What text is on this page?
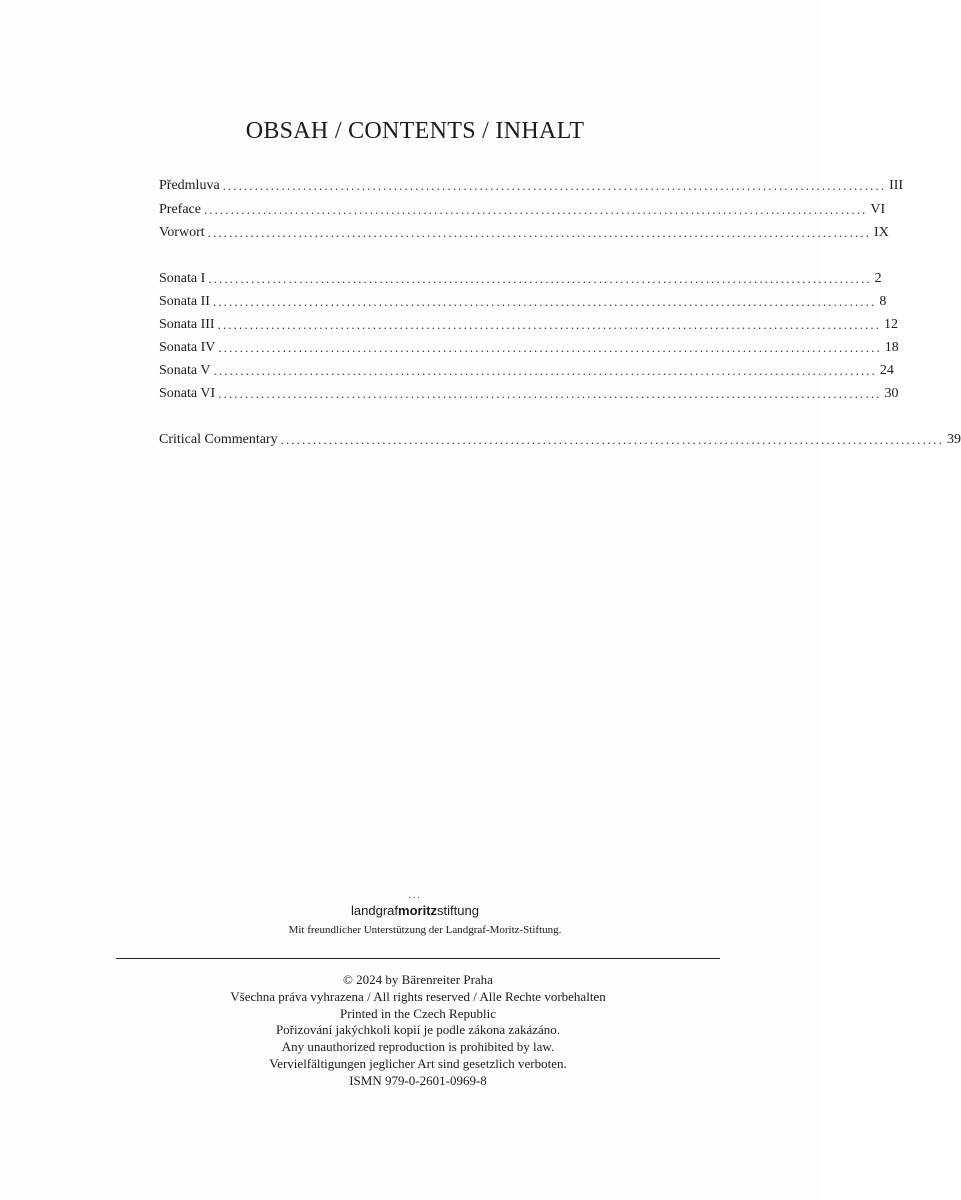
OBSAH / CONTENTS / INHALT
Předmluva ............................................................................................................................ III
Preface ............................................................................................................................ VI
Vorwort ............................................................................................................................ IX
Sonata I ............................................................................................................................ 2
Sonata II ............................................................................................................................ 8
Sonata III ............................................................................................................................ 12
Sonata IV ............................................................................................................................ 18
Sonata V ............................................................................................................................ 24
Sonata VI ............................................................................................................................ 30
Critical Commentary ............................................................................................................................ 39
...
landgrafmoritzstiftung
Mit freundlicher Unterstützung der Landgraf-Moritz-Stiftung.
© 2024 by Bärenreiter Praha
Všechna práva vyhrazena / All rights reserved / Alle Rechte vorbehalten
Printed in the Czech Republic
Pořizování jakýchkoli kopií je podle zákona zakázáno.
Any unauthorized reproduction is prohibited by law.
Vervielfältigungen jeglicher Art sind gesetzlich verboten.
ISMN 979-0-2601-0969-8
